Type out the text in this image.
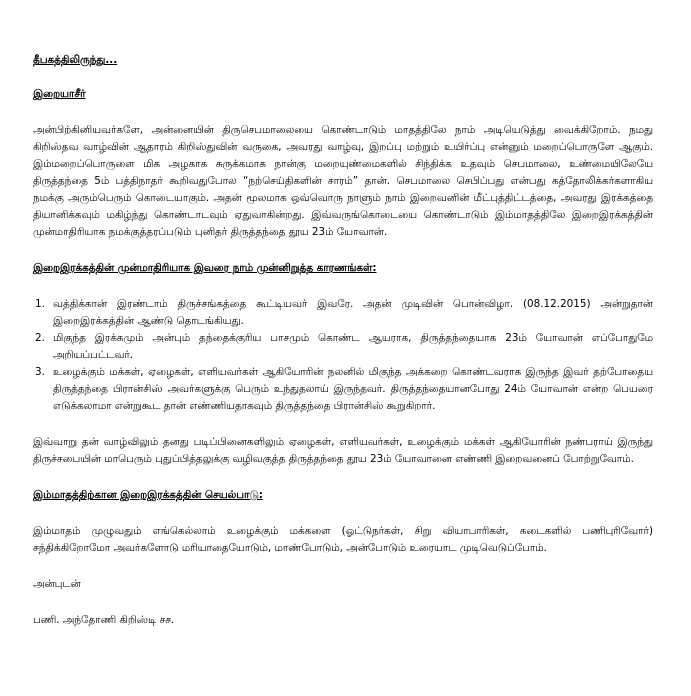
தீபகத்திலிருந்து...

இறையாசீர்

அன்பிற்கினியவர்களே, அன்னையின் திருசெபமாலையை கொண்டாடும் மாதத்திலே நாம் அடியெடுத்து வைக்கிறோம். நமது கிறிஸ்தவ வாழ்வின் ஆதாரம் கிறிஸ்துவின் வருகை, அவரது வாழ்வு, இறப்பு மற்றும் உயிர்ப்பு என்னும் மறைப்பொருளே ஆகும். இம்மறைப்பொருளை மிக அழகாக சுருக்கமாக நான்கு மறையுண்மைகளில் சிந்திக்க உதவும் செபமாலை, உண்மையிலேயே திருத்தந்தை 5ம் பத்திநாதர் கூறிவதுபோல “நற்செய்திகளின் சாரம்” தான். செபமாலை செபிப்பது என்பது கத்தோலிக்கர்களாகிய நமக்கு அரும்பெரும் கொடையாகும். அதன் மூலமாக ஒவ்வொரு நாளும் நாம் இறைவனின் மீட்புத்திட்டத்தை, அவரது இரக்கத்தை தியானிக்கவும் மகிழ்ந்து கொண்டாடவும் ஏதுவாகின்றது. இவ்வருங்கொடையை கொண்டாடும் இம்மாதத்திலே இறைஇரக்கத்தின் முன்மாதிரியாக நமக்குத்தரப்படும் புனிதர் திருத்தந்தை தூய 23ம் யோவான்.

இறைஇரக்கத்தின் முன்மாதிரியாக இவரை நாம் முன்னிறுத்த காரணங்கள்:

1. வத்திக்கான் இரண்டாம் திருச்சங்கத்தை கூட்டியவர் இவரே. அதன் முடிவின் பொன்விழா. (08.12.2015) அன்றுதான் இறைஇரக்கத்தின் ஆண்டு தொடங்கியது.
2. மிகுந்த இரக்கமும் அன்பும் தந்தைக்குரிய பாசமும் கொண்ட ஆயராக, திருத்தந்தையாக 23ம் யோவான் எப்போதுமே அறியப்பட்டவர்.
3. உழைக்கும் மக்கள், ஏழைகள், எளியவர்கள் ஆகியோரின் நலனில் மிகுந்த அக்கறை கொண்டவராக இருந்த இவர் தற்போதைய திருத்தந்தை பிரான்சிஸ் அவர்களுக்கு பெரும் உந்துதலாய் இருந்தவர். திருத்தந்தையானபோது 24ம் யோவான் என்ற பெயரை எடுக்கலாமா என்றுகூட தான் எண்ணியதாகவும் திருத்தந்தை பிரான்சிஸ் கூறுகிறார்.

இவ்வாறு தன் வாழ்விலும் தனது படிப்பினைகளிலும் ஏழைகள், எளியவர்கள், உழைக்கும் மக்கள் ஆகியோரின் நண்பராய் இருந்து திருச்சபையின் மாபெரும் புதுப்பித்தலுக்கு வழிவகுத்த திருத்தந்தை தூய 23ம் யோவானை எண்ணி இறைவனைப் போற்றுவோம்.

இம்மாதத்திற்கான இறைஇரக்கத்தின் செயல்பாடு:

இம்மாதம் முழுவதும் எங்கெல்லாம் உழைக்கும் மக்களை (ஓட்டுநர்கள், சிறு வியாபாரிகள், கடைகளில் பணிபுரிவோர்) சந்திக்கிறோமோ அவர்களோடு மரியாதையோடும், மாண்போடும், அன்போடும் உரையாட முடிவெடுப்போம்.

அன்புடன்

பணி. அந்தோணி கிறிஸ்டி சச.
